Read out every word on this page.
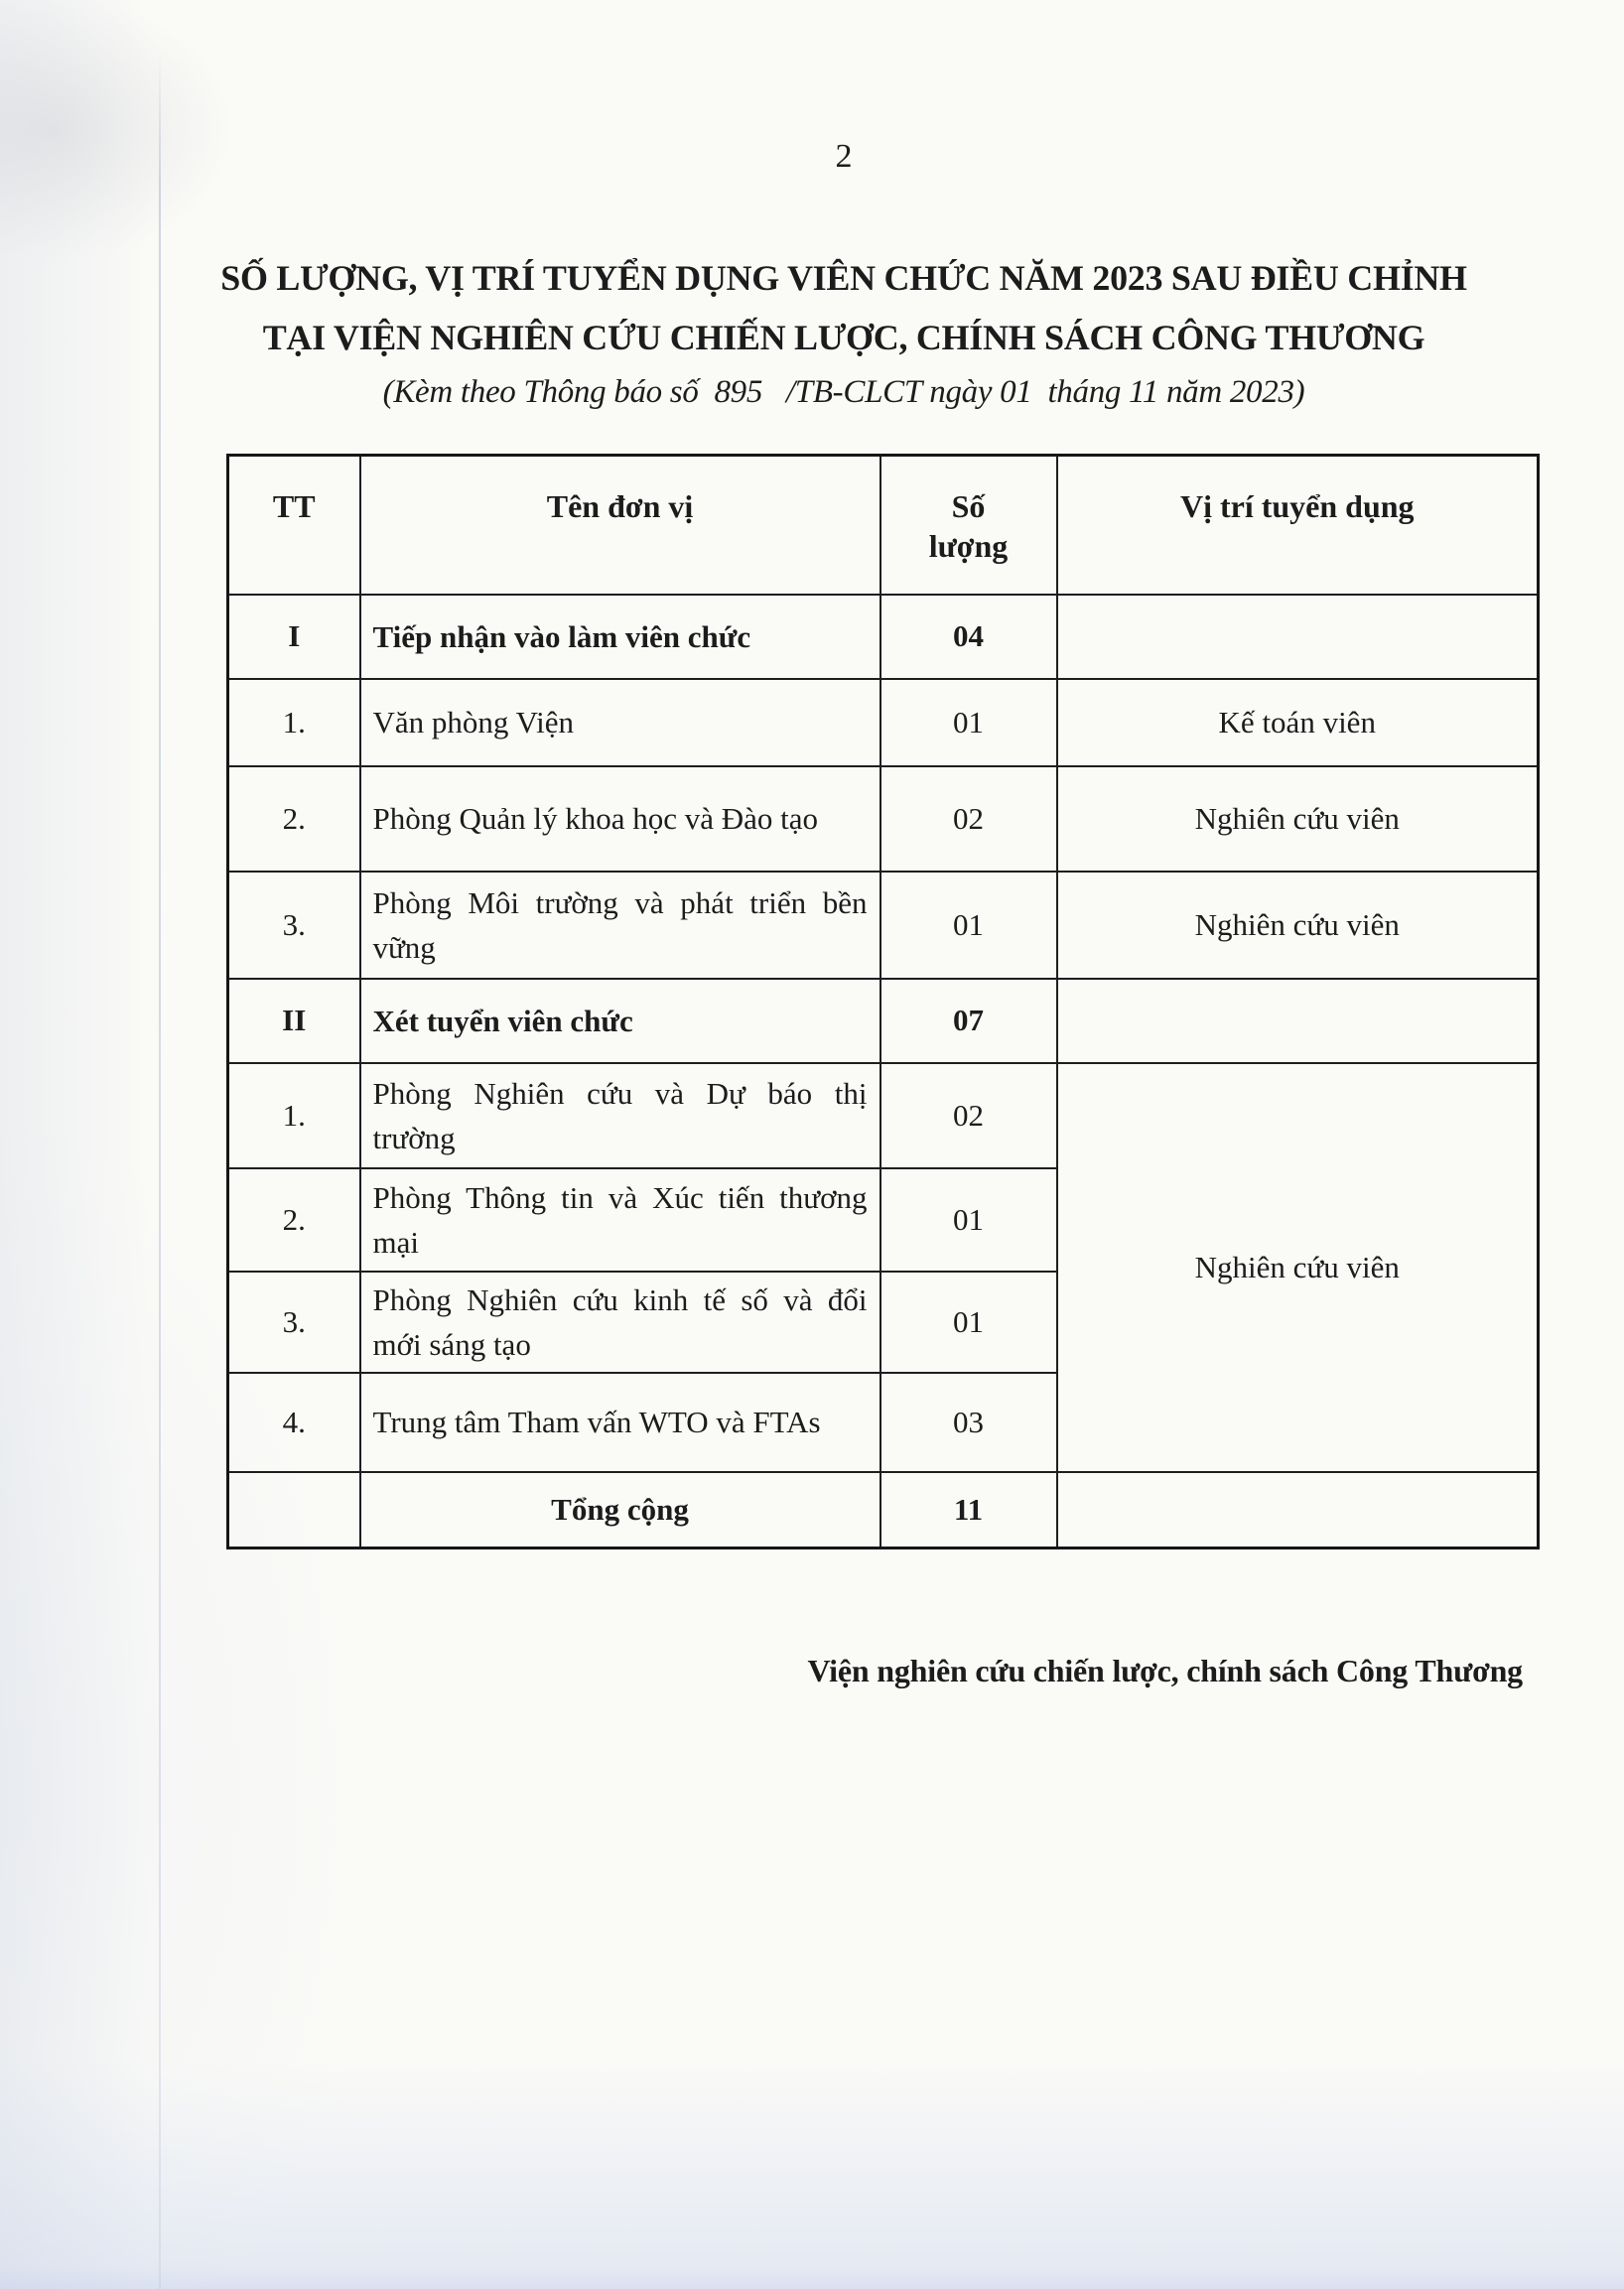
2
SỐ LƯỢNG, VỊ TRÍ TUYỂN DỤNG VIÊN CHỨC NĂM 2023 SAU ĐIỀU CHỈNH
TẠI VIỆN NGHIÊN CỨU CHIẾN LƯỢC, CHÍNH SÁCH CÔNG THƯƠNG
(Kèm theo Thông báo số  895   /TB-CLCT ngày 01  tháng 11 năm 2023)
TT	Tên đơn vị	Số lượng	Vị trí tuyển dụng
I	Tiếp nhận vào làm viên chức	04	
1.	Văn phòng Viện	01	Kế toán viên
2.	Phòng Quản lý khoa học và Đào tạo	02	Nghiên cứu viên
3.	Phòng Môi trường và phát triển bền vững	01	Nghiên cứu viên
II	Xét tuyển viên chức	07	
1.	Phòng Nghiên cứu và Dự báo thị trường	02	Nghiên cứu viên
2.	Phòng Thông tin và Xúc tiến thương mại	01	
3.	Phòng Nghiên cứu kinh tế số và đổi mới sáng tạo	01	
4.	Trung tâm Tham vấn WTO và FTAs	03	
	Tổng cộng	11	
Viện nghiên cứu chiến lược, chính sách Công Thương
